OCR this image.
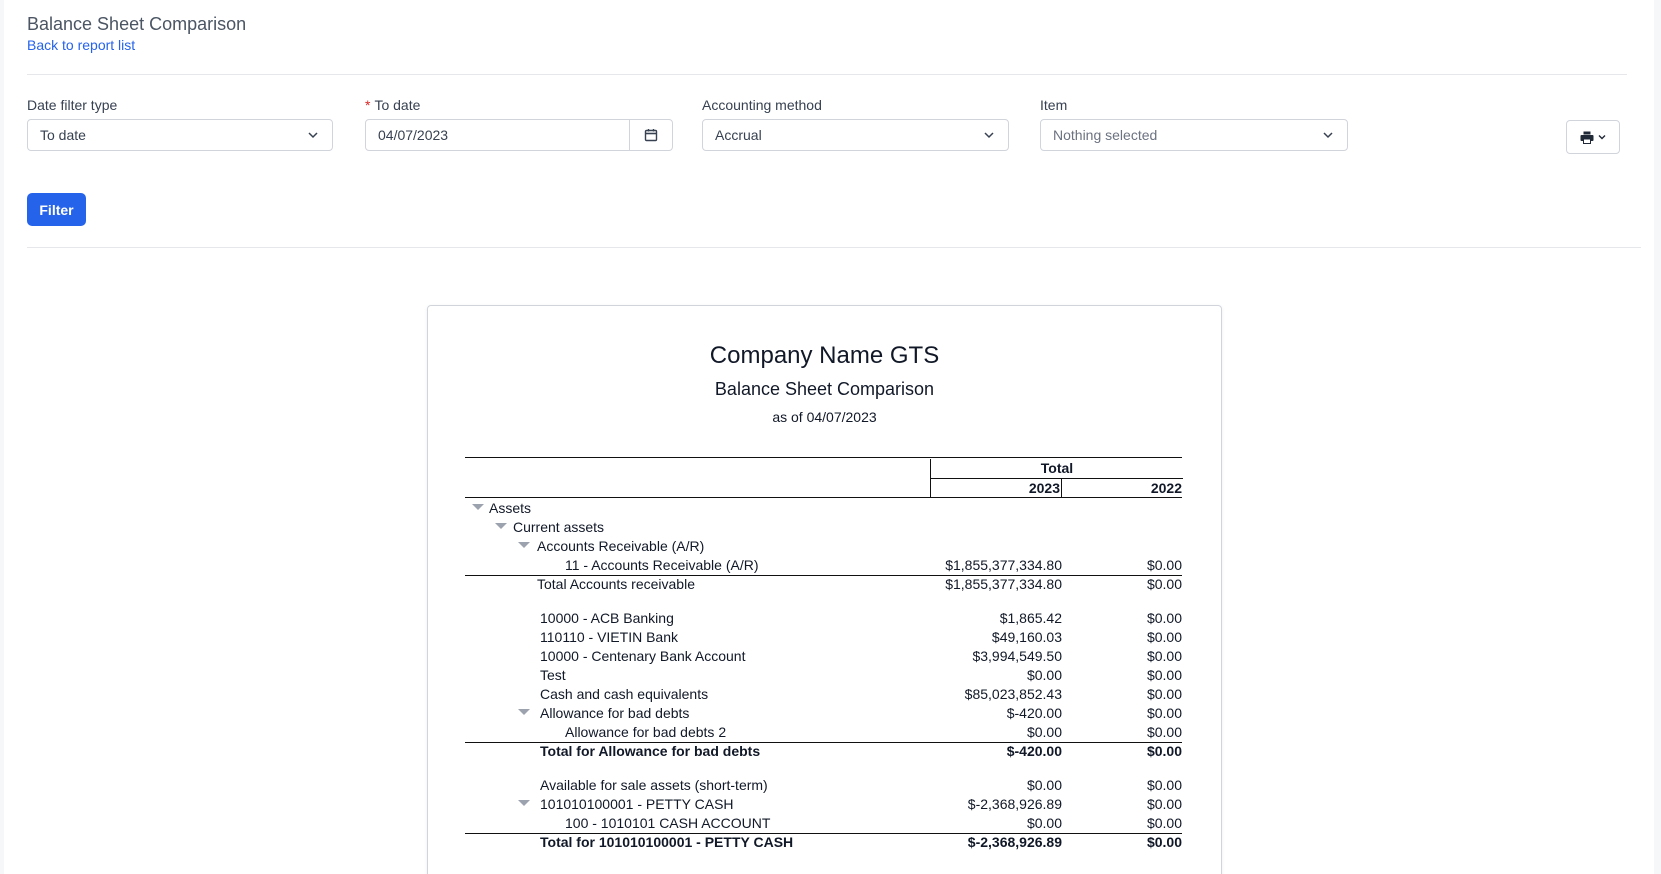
Balance Sheet Comparison
Back to report list
Date filter type
To date
* To date
04/07/2023
Accounting method
Accrual
Item
Nothing selected
Filter
Company Name GTS
Balance Sheet Comparison
as of 04/07/2023
Total
2023	2022
Assets
Current assets
Accounts Receivable (A/R)
11 - Accounts Receivable (A/R)	$1,855,377,334.80	$0.00
Total Accounts receivable	$1,855,377,334.80	$0.00
10000 - ACB Banking	$1,865.42	$0.00
110110 - VIETIN Bank	$49,160.03	$0.00
10000 - Centenary Bank Account	$3,994,549.50	$0.00
Test	$0.00	$0.00
Cash and cash equivalents	$85,023,852.43	$0.00
Allowance for bad debts	$-420.00	$0.00
Allowance for bad debts 2	$0.00	$0.00
Total for Allowance for bad debts	$-420.00	$0.00
Available for sale assets (short-term)	$0.00	$0.00
101010100001 - PETTY CASH	$-2,368,926.89	$0.00
100 - 1010101 CASH ACCOUNT	$0.00	$0.00
Total for 101010100001 - PETTY CASH	$-2,368,926.89	$0.00
